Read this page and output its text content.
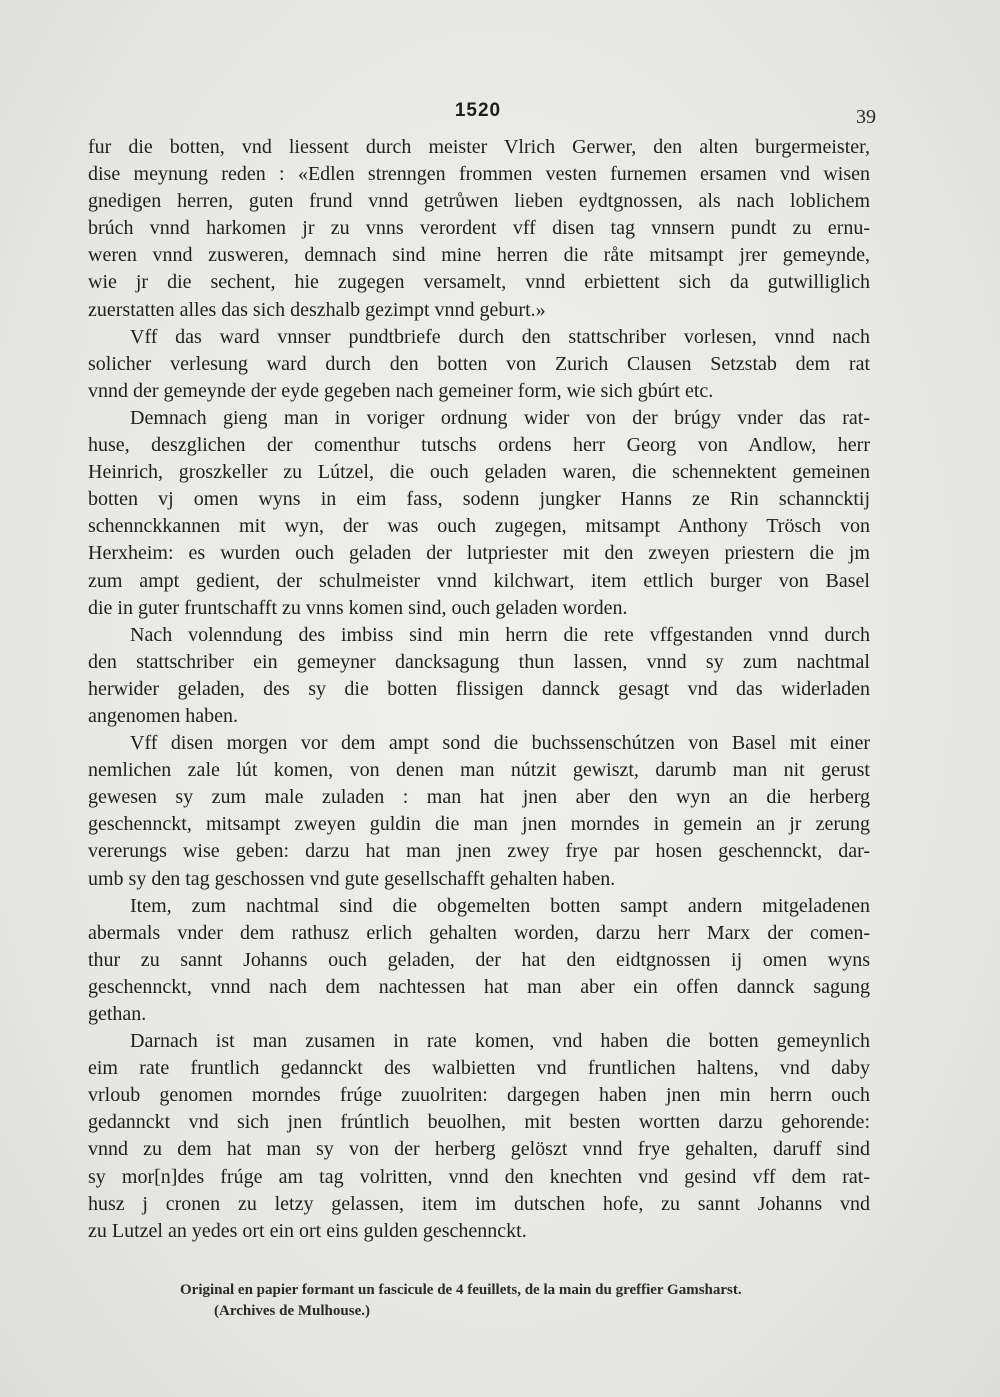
1520	39
fur die botten, vnd liessent durch meister Vlrich Gerwer, den alten burgermeister,
dise meynung reden : «Edlen strenngen frommen vesten furnemen ersamen vnd wisen
gnedigen herren, guten frund vnnd getrůwen lieben eydtgnossen, als nach loblichem
brúch vnnd harkomen jr zu vnns verordent vff disen tag vnnsern pundt zu ernu-
weren vnnd zusweren, demnach sind mine herren die råte mitsampt jrer gemeynde,
wie jr die sechent, hie zugegen versamelt, vnnd erbiettent sich da gutwilliglich
zuerstatten alles das sich deszhalb gezimpt vnnd geburt.»
Vff das ward vnnser pundtbriefe durch den stattschriber vorlesen, vnnd nach
solicher verlesung ward durch den botten von Zurich Clausen Setzstab dem rat
vnnd der gemeynde der eyde gegeben nach gemeiner form, wie sich gbúrt etc.
Demnach gieng man in voriger ordnung wider von der brúgy vnder das rat-
huse, deszglichen der comenthur tutschs ordens herr Georg von Andlow, herr
Heinrich, groszkeller zu Lútzel, die ouch geladen waren, die schennektent gemeinen
botten vj omen wyns in eim fass, sodenn jungker Hanns ze Rin schanncktij
schennckkannen mit wyn, der was ouch zugegen, mitsampt Anthony Trösch von
Herxheim: es wurden ouch geladen der lutpriester mit den zweyen priestern die jm
zum ampt gedient, der schulmeister vnnd kilchwart, item ettlich burger von Basel
die in guter fruntschafft zu vnns komen sind, ouch geladen worden.
Nach volenndung des imbiss sind min herrn die rete vffgestanden vnnd durch
den stattschriber ein gemeyner dancksagung thun lassen, vnnd sy zum nachtmal
herwider geladen, des sy die botten flissigen dannck gesagt vnd das widerladen
angenomen haben.
Vff disen morgen vor dem ampt sond die buchssenschútzen von Basel mit einer
nemlichen zale lút komen, von denen man nútzit gewiszt, darumb man nit gerust
gewesen sy zum male zuladen : man hat jnen aber den wyn an die herberg
geschennckt, mitsampt zweyen guldin die man jnen morndes in gemein an jr zerung
vererungs wise geben: darzu hat man jnen zwey frye par hosen geschennckt, dar-
umb sy den tag geschossen vnd gute gesellschafft gehalten haben.
Item, zum nachtmal sind die obgemelten botten sampt andern mitgeladenen
abermals vnder dem rathusz erlich gehalten worden, darzu herr Marx der comen-
thur zu sannt Johanns ouch geladen, der hat den eidtgnossen ij omen wyns
geschennckt, vnnd nach dem nachtessen hat man aber ein offen dannck sagung
gethan.
Darnach ist man zusamen in rate komen, vnd haben die botten gemeynlich
eim rate fruntlich gedannckt des walbietten vnd fruntlichen haltens, vnd daby
vrloub genomen morndes frúge zuuolriten: dargegen haben jnen min herrn ouch
gedannckt vnd sich jnen frúntlich beuolhen, mit besten wortten darzu gehorende:
vnnd zu dem hat man sy von der herberg gelöszt vnnd frye gehalten, daruff sind
sy mor[n]des frúge am tag volritten, vnnd den knechten vnd gesind vff dem rat-
husz j cronen zu letzy gelassen, item im dutschen hofe, zu sannt Johanns vnd
zu Lutzel an yedes ort ein ort eins gulden geschennckt.
Original en papier formant un fascicule de 4 feuillets, de la main du greffier Gamsharst.
(Archives de Mulhouse.)
